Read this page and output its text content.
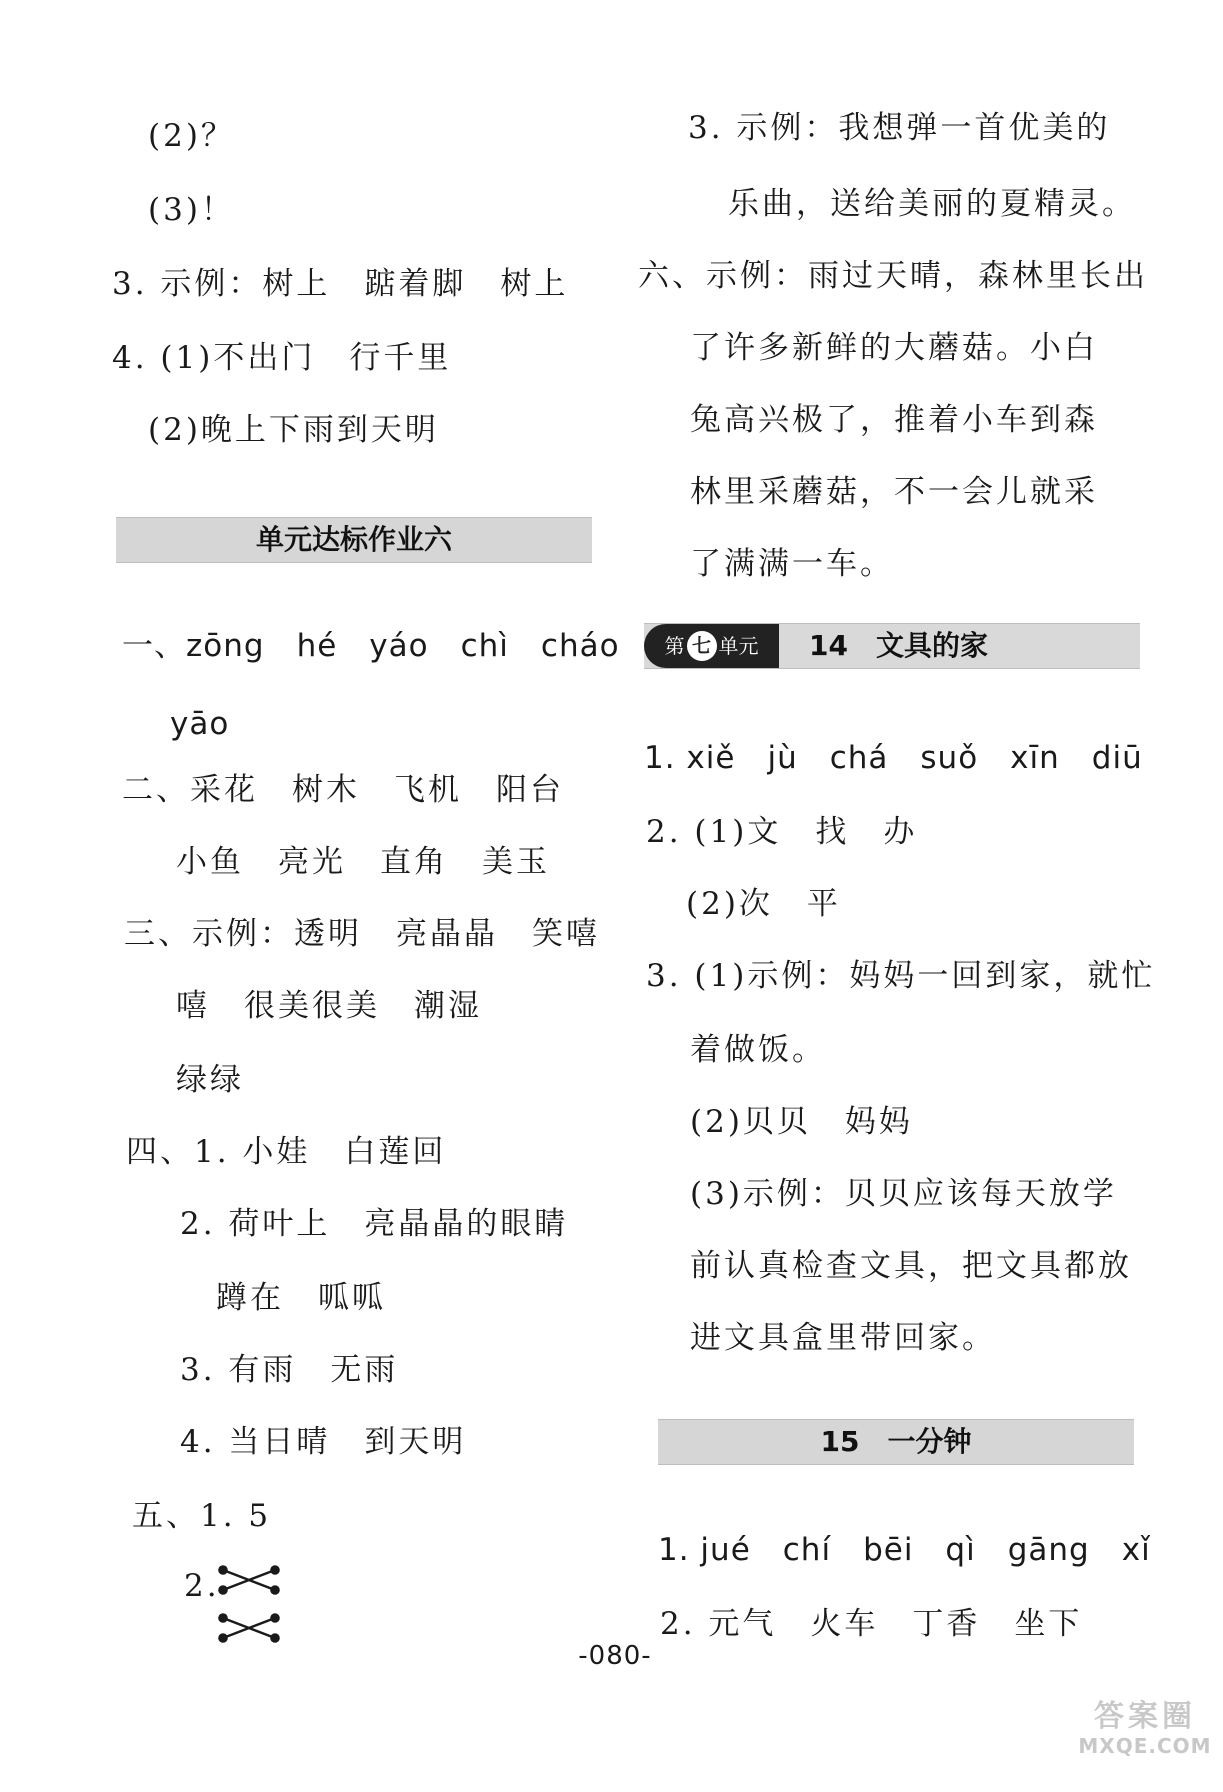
(2)？
(3)！
3. 示例：树上　踮着脚　树上
4. (1)不出门　行千里
(2)晚上下雨到天明
单元达标作业六
一、zōng　hé　yáo　chì　cháo
yāo
二、采花　树木　飞机　阳台
小鱼　亮光　直角　美玉
三、示例：透明　亮晶晶　笑嘻
嘻　很美很美　潮湿
绿绿
四、1. 小娃　白莲回
2. 荷叶上　亮晶晶的眼睛
蹲在　呱呱
3. 有雨　无雨
4. 当日晴　到天明
五、1. 5
2.
3. 示例：我想弹一首优美的
乐曲，送给美丽的夏精灵。
六、示例：雨过天晴，森林里长出
了许多新鲜的大蘑菇。小白
兔高兴极了，推着小车到森
林里采蘑菇，不一会儿就采
了满满一车。
第 七 单元	14　文具的家
1. xiě　jù　chá　suǒ　xīn　diū
2. (1)文　找　办
(2)次　平
3. (1)示例：妈妈一回到家，就忙
着做饭。
(2)贝贝　妈妈
(3)示例：贝贝应该每天放学
前认真检查文具，把文具都放
进文具盒里带回家。
15　一分钟
1. jué　chí　bēi　qì　gāng　xǐ
2. 元气　火车　丁香　坐下
-080-
答案圈
MXQE.COM
